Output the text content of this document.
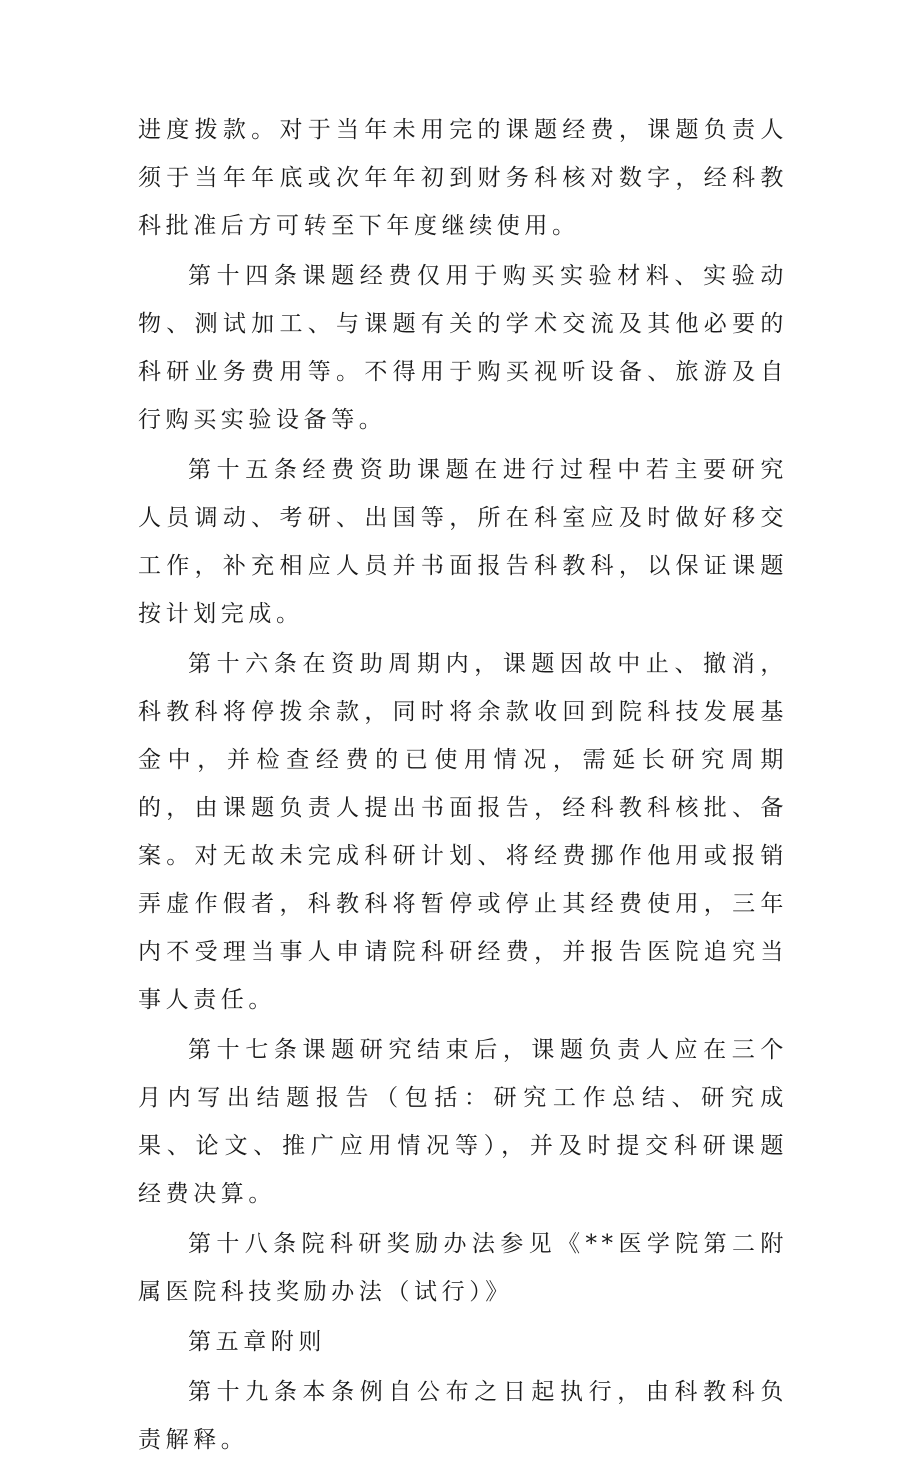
进度拨款。对于当年未用完的课题经费，课题负责人须于当年年底或次年年初到财务科核对数字，经科教科批准后方可转至下年度继续使用。

第十四条课题经费仅用于购买实验材料、实验动物、测试加工、与课题有关的学术交流及其他必要的科研业务费用等。不得用于购买视听设备、旅游及自行购买实验设备等。

第十五条经费资助课题在进行过程中若主要研究人员调动、考研、出国等，所在科室应及时做好移交工作，补充相应人员并书面报告科教科，以保证课题按计划完成。

第十六条在资助周期内，课题因故中止、撤消，科教科将停拨余款，同时将余款收回到院科技发展基金中，并检查经费的已使用情况，需延长研究周期的，由课题负责人提出书面报告，经科教科核批、备案。对无故未完成科研计划、将经费挪作他用或报销弄虚作假者，科教科将暂停或停止其经费使用，三年内不受理当事人申请院科研经费，并报告医院追究当事人责任。

第十七条课题研究结束后，课题负责人应在三个月内写出结题报告（包括：研究工作总结、研究成果、论文、推广应用情况等），并及时提交科研课题经费决算。

第十八条院科研奖励办法参见《**医学院第二附属医院科技奖励办法（试行）》

第五章附则

第十九条本条例自公布之日起执行，由科教科负责解释。
